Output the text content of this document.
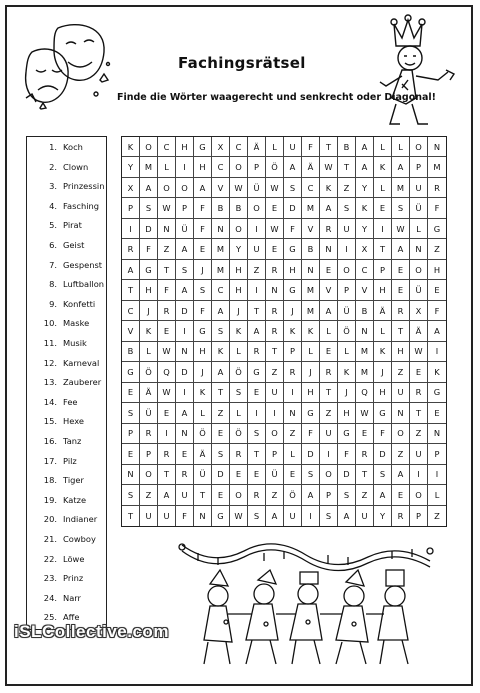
Fachingsrätsel
Finde die Wörter waagerecht und senkrecht oder Diagonal!
1. Koch
2. Clown
3. Prinzessin
4. Fasching
5. Pirat
6. Geist
7. Gespenst
8. Luftballon
9. Konfetti
10. Maske
11. Musik
12. Karneval
13. Zauberer
14. Fee
15. Hexe
16. Tanz
17. Pilz
18. Tiger
19. Katze
20. Indianer
21. Cowboy
22. Löwe
23. Prinz
24. Narr
25. Affe
K	O	C	H	G	X	C	Ä	L	U	F	T	B	A	L	L	O	N
Y	M	L	I	H	C	O	P	Ö	A	Ä	W	T	A	K	A	P	M
X	A	O	O	A	V	W	Ü	W	S	C	K	Z	Y	L	M	U	R
P	S	W	P	F	B	B	O	E	D	M	A	S	K	E	S	Ü	F
I	D	N	Ü	F	N	O	I	W	F	V	R	U	Y	I	W	L	G
R	F	Z	A	E	M	Y	U	E	G	B	N	I	X	T	A	N	Z
A	G	T	S	J	M	H	Z	R	H	N	E	O	C	P	E	O	H
T	H	F	A	S	C	H	I	N	G	M	V	P	V	H	E	Ü	E
C	J	R	D	F	A	J	T	R	J	M	A	Ü	B	Ä	R	X	F
V	K	E	I	G	S	K	A	R	K	K	L	Ö	N	L	T	Ä	A
B	L	W	N	H	K	L	R	T	P	L	E	L	M	K	H	W	I
G	Ö	Q	D	J	A	Ö	G	Z	R	J	R	K	M	J	Z	E	K
E	Ä	W	I	K	T	S	E	U	I	H	T	J	Q	H	U	R	G
S	Ü	E	A	L	Z	L	I	I	N	G	Z	H	W	G	N	T	E
P	R	I	N	Ö	E	Ö	S	O	Z	F	U	G	E	F	O	Z	N
E	P	R	E	Ä	S	R	T	P	L	D	I	F	R	D	Z	U	P
N	O	T	R	Ü	D	E	E	Ü	E	S	O	D	T	S	A	I	I
S	Z	A	U	T	E	O	R	Z	Ö	A	P	S	Z	A	E	O	L
T	U	U	F	N	G	W	S	A	U	I	S	A	U	Y	R	P	Z
iSLCollective.com
